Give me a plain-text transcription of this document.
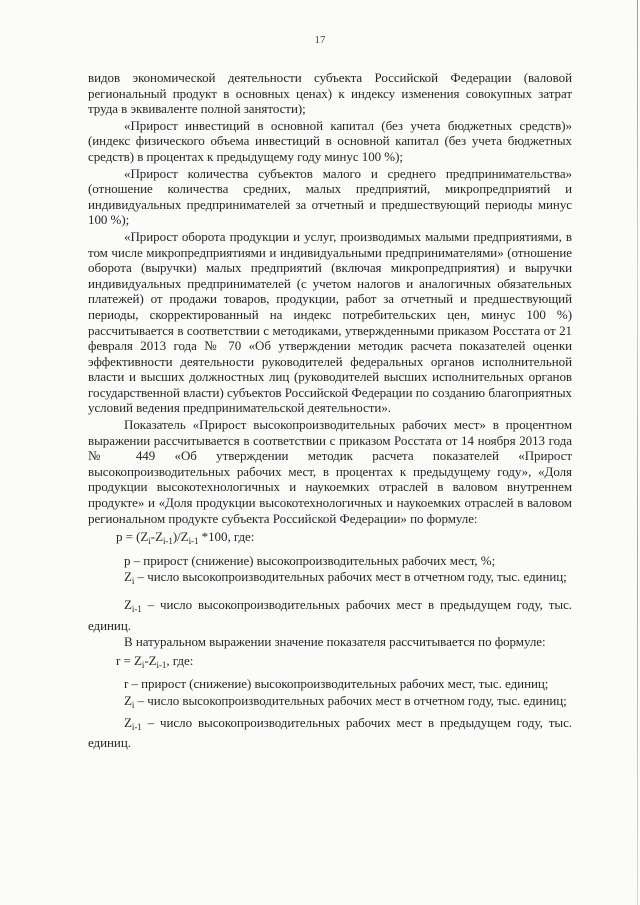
17
видов экономической деятельности субъекта Российской Федерации (валовой региональный продукт в основных ценах) к индексу изменения совокупных затрат труда в эквиваленте полной занятости);
«Прирост инвестиций в основной капитал (без учета бюджетных средств)» (индекс физического объема инвестиций в основной капитал (без учета бюджетных средств) в процентах к предыдущему году минус 100 %);
«Прирост количества субъектов малого и среднего предпринимательства» (отношение количества средних, малых предприятий, микропредприятий и индивидуальных предпринимателей за отчетный и предшествующий периоды минус 100 %);
«Прирост оборота продукции и услуг, производимых малыми предприятиями, в том числе микропредприятиями и индивидуальными предпринимателями» (отношение оборота (выручки) малых предприятий (включая микропредприятия) и выручки индивидуальных предпринимателей (с учетом налогов и аналогичных обязательных платежей) от продажи товаров, продукции, работ за отчетный и предшествующий периоды, скорректированный на индекс потребительских цен, минус 100 %) рассчитывается в соответствии с методиками, утвержденными приказом Росстата от 21 февраля 2013 года № 70 «Об утверждении методик расчета показателей оценки эффективности деятельности руководителей федеральных органов исполнительной власти и высших должностных лиц (руководителей высших исполнительных органов государственной власти) субъектов Российской Федерации по созданию благоприятных условий ведения предпринимательской деятельности».
Показатель «Прирост высокопроизводительных рабочих мест» в процентном выражении рассчитывается в соответствии с приказом Росстата от 14 ноября 2013 года № 449 «Об утверждении методик расчета показателей «Прирост высокопроизводительных рабочих мест, в процентах к предыдущему году», «Доля продукции высокотехнологичных и наукоемких отраслей в валовом внутреннем продукте» и «Доля продукции высокотехнологичных и наукоемких отраслей в валовом региональном продукте субъекта Российской Федерации» по формуле:
$p = (Z_i-Z_{i-1})/Z_{i-1}$ *100, где:
p – прирост (снижение) высокопроизводительных рабочих мест, %;
$Z_i$ – число высокопроизводительных рабочих мест в отчетном году, тыс. единиц;
$Z_{i-1}$ – число высокопроизводительных рабочих мест в предыдущем году, тыс. единиц.
В натуральном выражении значение показателя рассчитывается по формуле:
$r = Z_i-Z_{i-1}$, где:
r – прирост (снижение) высокопроизводительных рабочих мест, тыс. единиц;
$Z_i$ – число высокопроизводительных рабочих мест в отчетном году, тыс. единиц;
$Z_{i-1}$ – число высокопроизводительных рабочих мест в предыдущем году, тыс. единиц.
